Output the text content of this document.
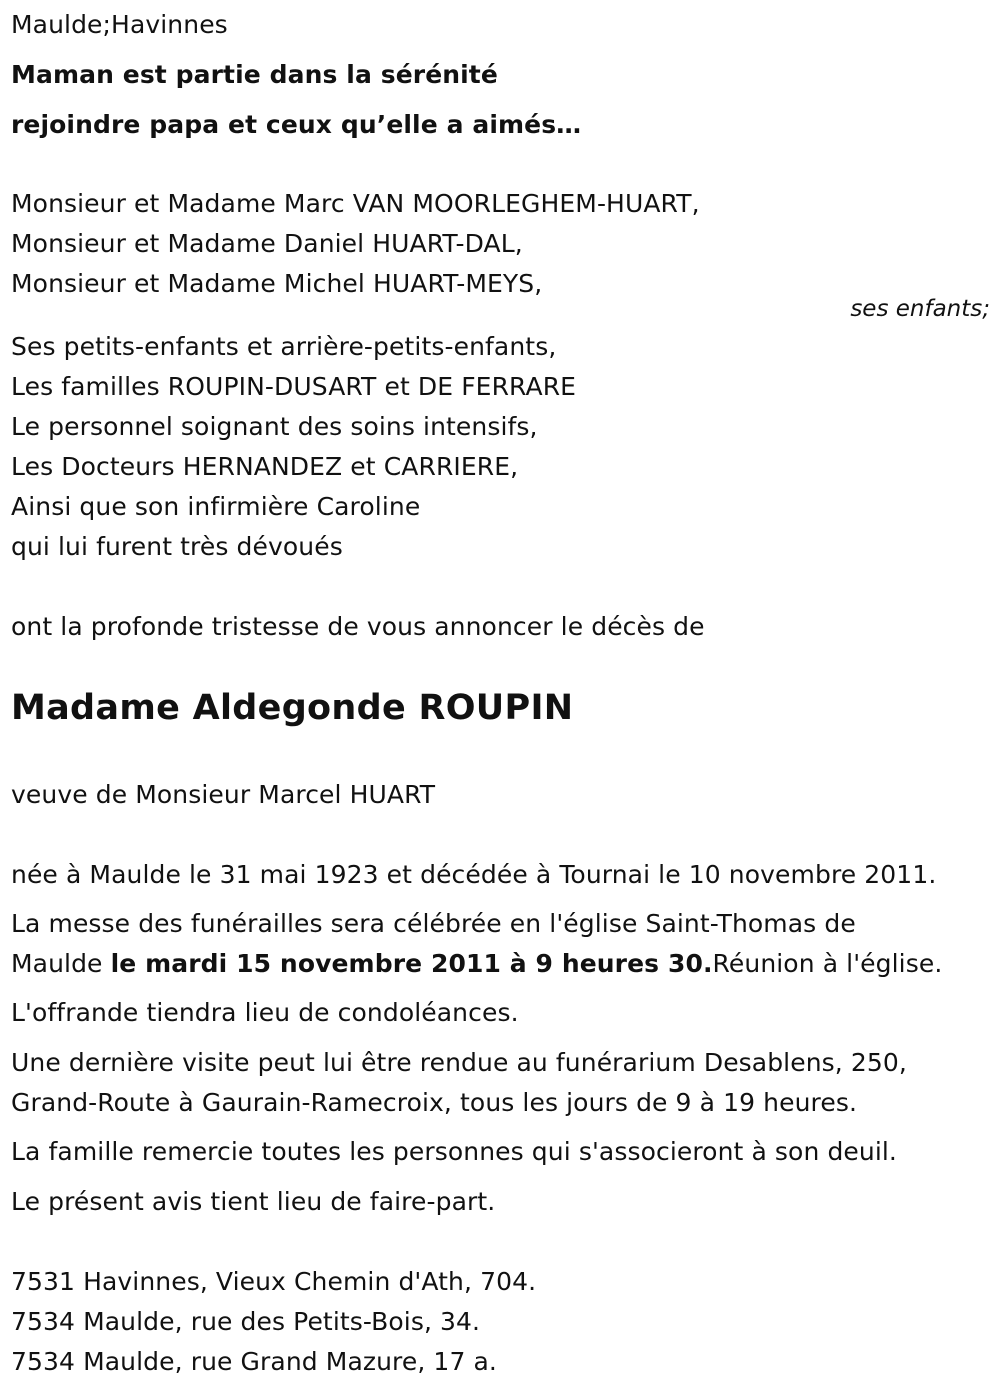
Maulde;Havinnes

Maman est partie dans la sérénité

rejoindre papa et ceux qu’elle a aimés…

Monsieur et Madame Marc VAN MOORLEGHEM-HUART,

Monsieur et Madame Daniel HUART-DAL,

Monsieur et Madame Michel HUART-MEYS,

ses enfants;

Ses petits-enfants et arrière-petits-enfants,

Les familles ROUPIN-DUSART et DE FERRARE

Le personnel soignant des soins intensifs,

Les Docteurs HERNANDEZ et CARRIERE,

Ainsi que son infirmière Caroline

qui lui furent très dévoués

ont la profonde tristesse de vous annoncer le décès de

Madame Aldegonde ROUPIN

veuve de Monsieur Marcel HUART

née à Maulde le 31 mai 1923 et décédée à Tournai le 10 novembre 2011.

La messe des funérailles sera célébrée en l'église Saint-Thomas de

Maulde le mardi 15 novembre 2011 à 9 heures 30.Réunion à l'église.

L'offrande tiendra lieu de condoléances.

Une dernière visite peut lui être rendue au funérarium Desablens, 250,

Grand-Route à Gaurain-Ramecroix, tous les jours de 9 à 19 heures.

La famille remercie toutes les personnes qui s'associeront à son deuil.

Le présent avis tient lieu de faire-part.

7531 Havinnes, Vieux Chemin d'Ath, 704.

7534 Maulde, rue des Petits-Bois, 34.

7534 Maulde, rue Grand Mazure, 17 a.
